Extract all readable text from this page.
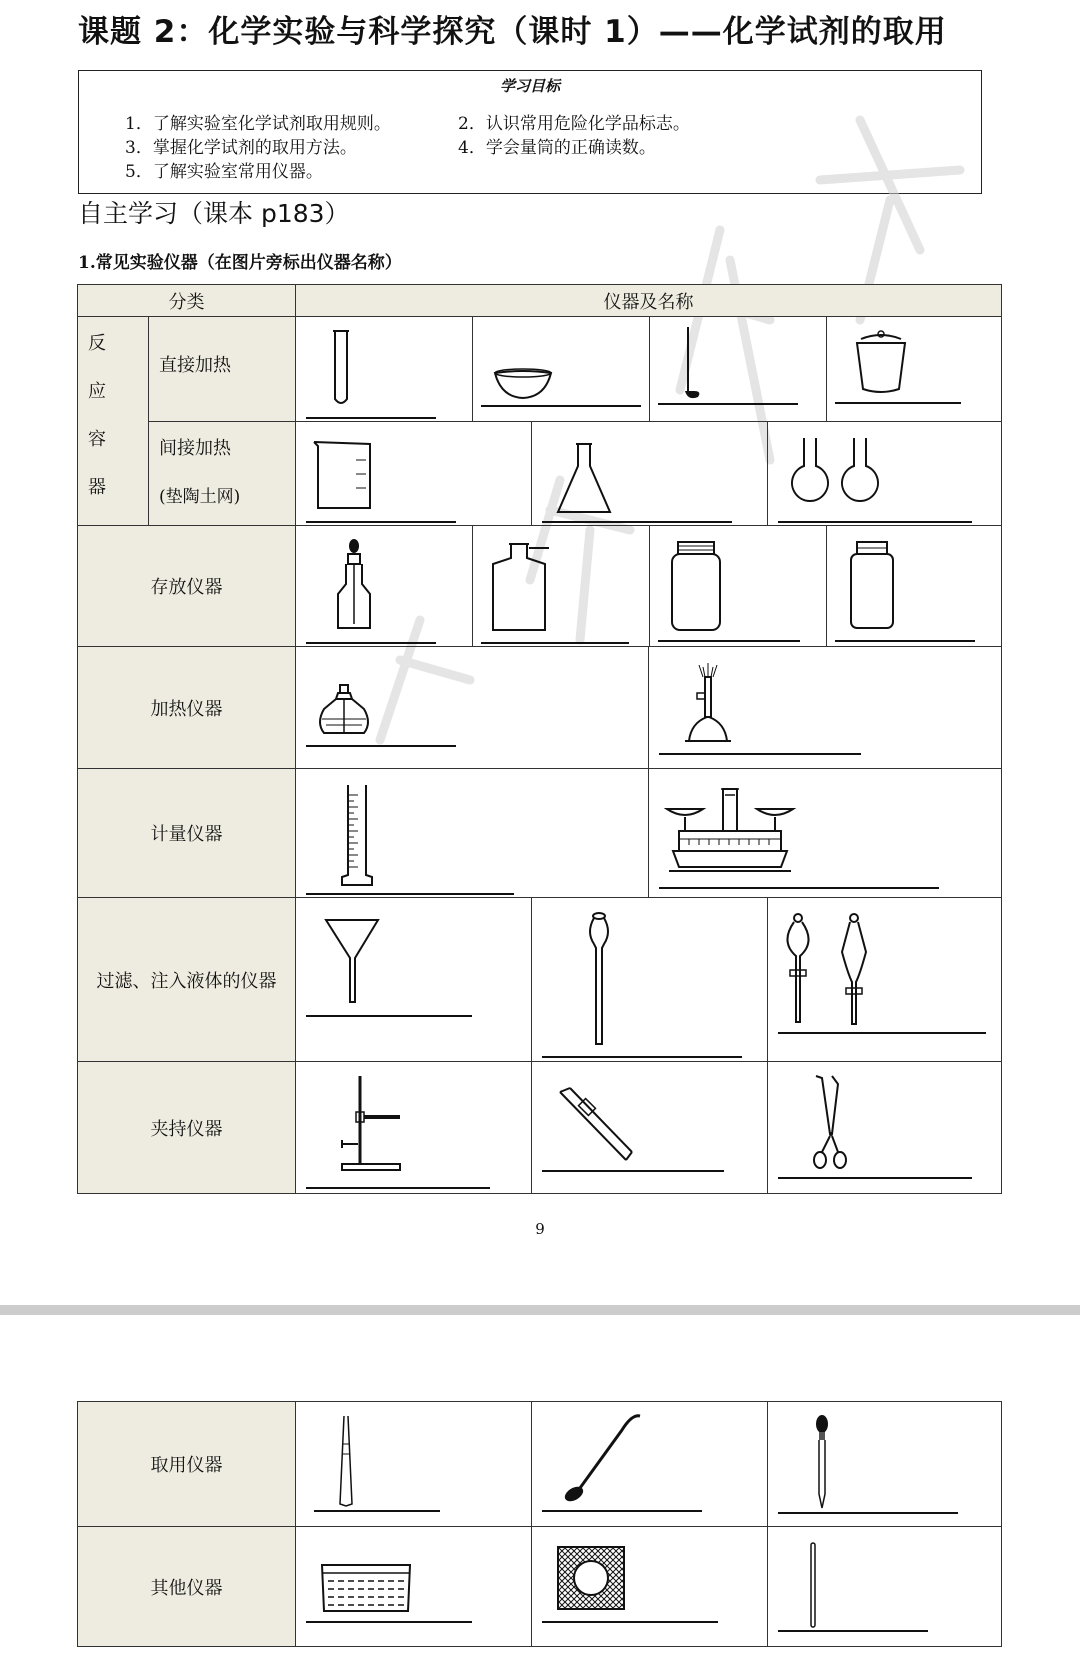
课题 2：化学实验与科学探究（课时 1）——化学试剂的取用
学习目标
1．了解实验室化学试剂取用规则。	2．认识常用危险化学品标志。
3．掌握化学试剂的取用方法。	4．学会量筒的正确读数。
5．了解实验室常用仪器。
1.常见实验仪器（在图片旁标出仪器名称）
自主学习（课本 p183）
分类	仪器及名称
反
应
容
器
直接加热
间接加热
(垫陶土网)
存放仪器
加热仪器
计量仪器
过滤、注入液体的仪器
夹持仪器
9
取用仪器
其他仪器
